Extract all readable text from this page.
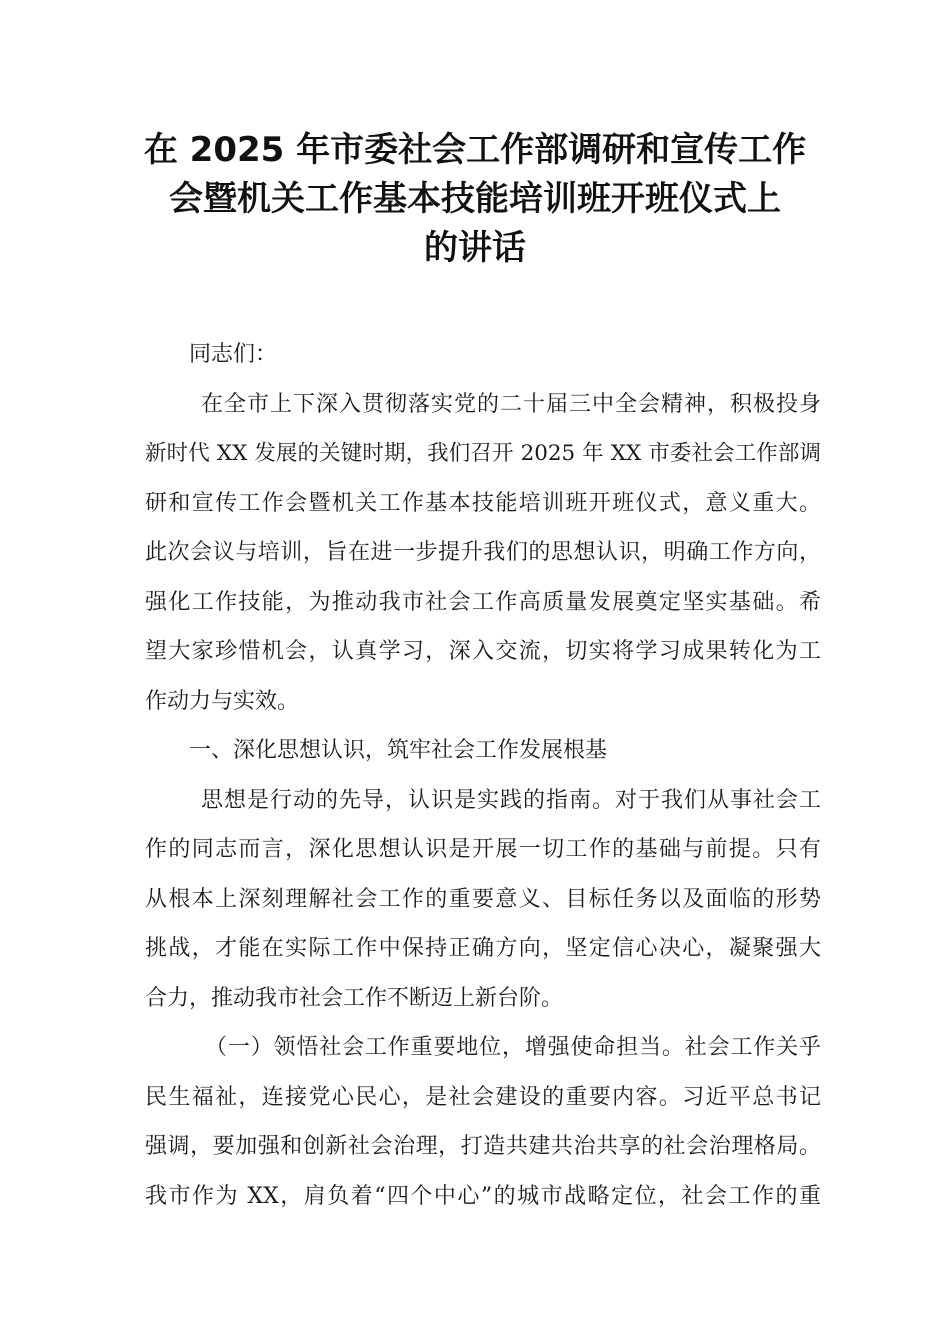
在 2025 年市委社会工作部调研和宣传工作
会暨机关工作基本技能培训班开班仪式上
的讲话

同志们：

在全市上下深入贯彻落实党的二十届三中全会精神，积极投身
新时代 XX 发展的关键时期，我们召开 2025 年 XX 市委社会工作部调
研和宣传工作会暨机关工作基本技能培训班开班仪式，意义重大。
此次会议与培训，旨在进一步提升我们的思想认识，明确工作方向，
强化工作技能，为推动我市社会工作高质量发展奠定坚实基础。希
望大家珍惜机会，认真学习，深入交流，切实将学习成果转化为工
作动力与实效。

一、深化思想认识，筑牢社会工作发展根基

思想是行动的先导，认识是实践的指南。对于我们从事社会工
作的同志而言，深化思想认识是开展一切工作的基础与前提。只有
从根本上深刻理解社会工作的重要意义、目标任务以及面临的形势
挑战，才能在实际工作中保持正确方向，坚定信心决心，凝聚强大
合力，推动我市社会工作不断迈上新台阶。

（一）领悟社会工作重要地位，增强使命担当。社会工作关乎
民生福祉，连接党心民心，是社会建设的重要内容。习近平总书记
强调，要加强和创新社会治理，打造共建共治共享的社会治理格局。
我市作为 XX，肩负着“四个中心”的城市战略定位，社会工作的重
